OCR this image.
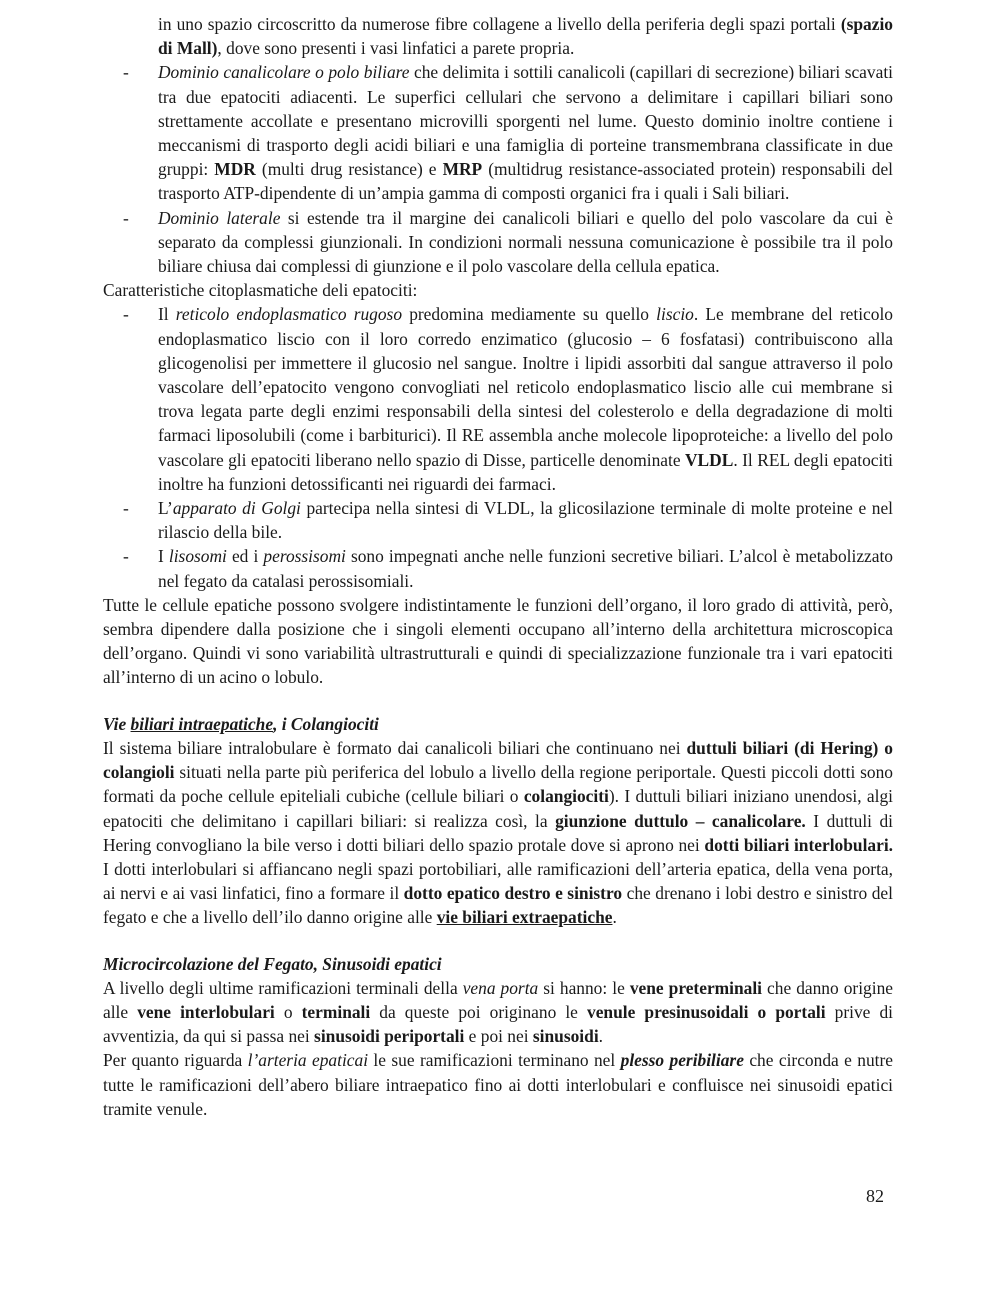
in uno spazio circoscritto da numerose fibre collagene a livello della periferia degli spazi portali (spazio di Mall), dove sono presenti i vasi linfatici a parete propria.

- Dominio canalicolare o polo biliare che delimita i sottili canalicoli (capillari di secrezione) biliari scavati tra due epatociti adiacenti. Le superfici cellulari che servono a delimitare i capillari biliari sono strettamente accollate e presentano microvilli sporgenti nel lume. Questo dominio inoltre contiene i meccanismi di trasporto degli acidi biliari e una famiglia di porteine transmembrana classificate in due gruppi: MDR (multi drug resistance) e MRP (multidrug resistance-associated protein) responsabili del trasporto ATP-dipendente di un’ampia gamma di composti organici fra i quali i Sali biliari.

- Dominio laterale si estende tra il margine dei canalicoli biliari e quello del polo vascolare da cui è separato da complessi giunzionali. In condizioni normali nessuna comunicazione è possibile tra il polo biliare chiusa dai complessi di giunzione e il polo vascolare della cellula epatica.

Caratteristiche citoplasmatiche deli epatociti:

- Il reticolo endoplasmatico rugoso predomina mediamente su quello liscio. Le membrane del reticolo endoplasmatico liscio con il loro corredo enzimatico (glucosio – 6 fosfatasi) contribuiscono alla glicogenolisi per immettere il glucosio nel sangue. Inoltre i lipidi assorbiti dal sangue attraverso il polo vascolare dell’epatocito vengono convogliati nel reticolo endoplasmatico liscio alle cui membrane si trova legata parte degli enzimi responsabili della sintesi del colesterolo e della degradazione di molti farmaci liposolubili (come i barbiturici). Il RE assembla anche molecole lipoproteiche: a livello del polo vascolare gli epatociti liberano nello spazio di Disse, particelle denominate VLDL. Il REL degli epatociti inoltre ha funzioni detossificanti nei riguardi dei farmaci.

- L’apparato di Golgi partecipa nella sintesi di VLDL, la glicosilazione terminale di molte proteine e nel rilascio della bile.

- I lisosomi ed i perossisomi sono impegnati anche nelle funzioni secretive biliari. L’alcol è metabolizzato nel fegato da catalasi perossisomiali.

Tutte le cellule epatiche possono svolgere indistintamente le funzioni dell’organo, il loro grado di attività, però, sembra dipendere dalla posizione che i singoli elementi occupano all’interno della architettura microscopica dell’organo. Quindi vi sono variabilità ultrastrutturali e quindi di specializzazione funzionale tra i vari epatociti all’interno di un acino o lobulo.

Vie biliari intraepatiche, i Colangiociti

Il sistema biliare intralobulare è formato dai canalicoli biliari che continuano nei duttuli biliari (di Hering) o colangioli situati nella parte più periferica del lobulo a livello della regione periportale. Questi piccoli dotti sono formati da poche cellule epiteliali cubiche (cellule biliari o colangiociti). I duttuli biliari iniziano unendosi, algi epatociti che delimitano i capillari biliari: si realizza così, la giunzione duttulo – canalicolare. I duttuli di Hering convogliano la bile verso i dotti biliari dello spazio protale dove si aprono nei dotti biliari interlobulari. I dotti interlobulari si affiancano negli spazi portobiliari, alle ramificazioni dell’arteria epatica, della vena porta, ai nervi e ai vasi linfatici, fino a formare il dotto epatico destro e sinistro che drenano i lobi destro e sinistro del fegato e che a livello dell’ilo danno origine alle vie biliari extraepatiche.

Microcircolazione del Fegato, Sinusoidi epatici

A livello degli ultime ramificazioni terminali della vena porta si hanno: le vene preterminali che danno origine alle vene interlobulari o terminali da queste poi originano le venule presinusoidali o portali prive di avventizia, da qui si passa nei sinusoidi periportali e poi nei sinusoidi.

Per quanto riguarda l’arteria epaticai le sue ramificazioni terminano nel plesso peribiliare che circonda e nutre tutte le ramificazioni dell’abero biliare intraepatico fino ai dotti interlobulari e confluisce nei sinusoidi epatici tramite venule.

82
